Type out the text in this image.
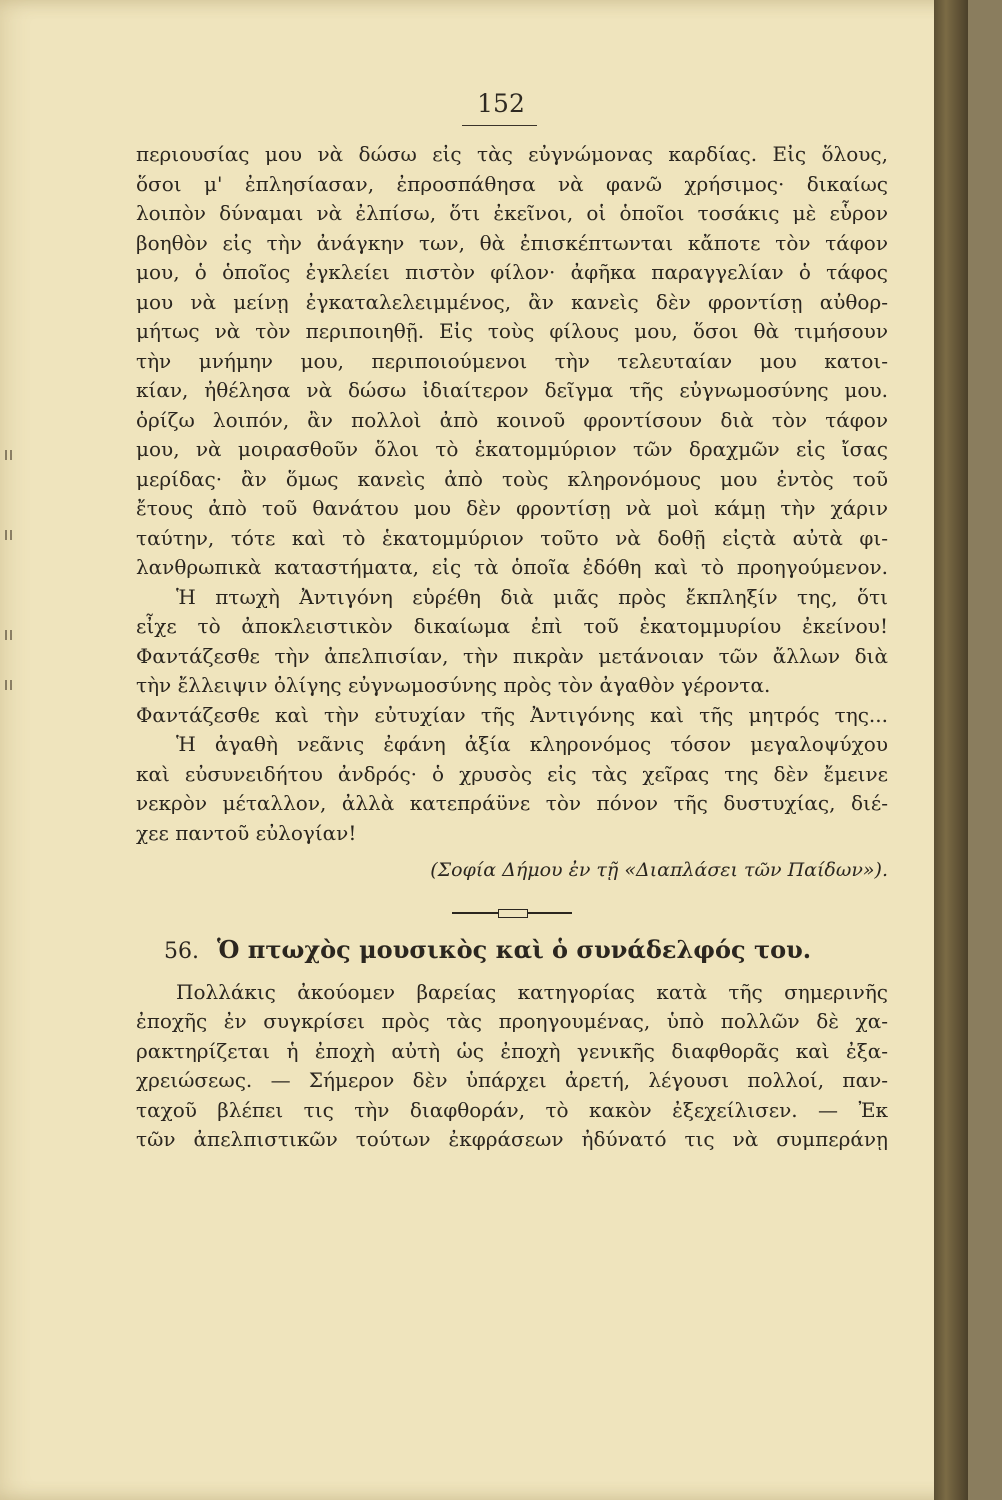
152
περιουσίας μου νὰ δώσω εἰς τὰς εὐγνώμονας καρδίας. Εἰς ὅλους,
ὅσοι μ' ἐπλησίασαν, ἐπροσπάθησα νὰ φανῶ χρήσιμος· δικαίως
λοιπὸν δύναμαι νὰ ἐλπίσω, ὅτι ἐκεῖνοι, οἱ ὁποῖοι τοσάκις μὲ εὗρον
βοηθὸν εἰς τὴν ἀνάγκην των, θὰ ἐπισκέπτωνται κἄποτε τὸν τάφον
μου, ὁ ὁποῖος ἐγκλείει πιστὸν φίλον· ἀφῆκα παραγγελίαν ὁ τάφος
μου νὰ μείνῃ ἐγκαταλελειμμένος, ἂν κανεὶς δὲν φροντίσῃ αὐθορ-
μήτως νὰ τὸν περιποιηθῇ. Εἰς τοὺς φίλους μου, ὅσοι θὰ τιμήσουν
τὴν μνήμην μου, περιποιούμενοι τὴν τελευταίαν μου κατοι-
κίαν, ἠθέλησα νὰ δώσω ἰδιαίτερον δεῖγμα τῆς εὐγνωμοσύνης μου.
ὁρίζω λοιπόν, ἂν πολλοὶ ἀπὸ κοινοῦ φροντίσουν διὰ τὸν τάφον
μου, νὰ μοιρασθοῦν ὅλοι τὸ ἑκατομμύριον τῶν δραχμῶν εἰς ἴσας
μερίδας· ἂν ὅμως κανεὶς ἀπὸ τοὺς κληρονόμους μου ἐντὸς τοῦ
ἔτους ἀπὸ τοῦ θανάτου μου δὲν φροντίσῃ νὰ μοὶ κάμῃ τὴν χάριν
ταύτην, τότε καὶ τὸ ἑκατομμύριον τοῦτο νὰ δοθῇ εἰςτὰ αὐτὰ φι-
λανθρωπικὰ καταστήματα, εἰς τὰ ὁποῖα ἐδόθη καὶ τὸ προηγούμενον.
Ἡ πτωχὴ Ἀντιγόνη εὑρέθη διὰ μιᾶς πρὸς ἔκπληξίν της, ὅτι
εἶχε τὸ ἀποκλειστικὸν δικαίωμα ἐπὶ τοῦ ἑκατομμυρίου ἐκείνου!
Φαντάζεσθε τὴν ἀπελπισίαν, τὴν πικρὰν μετάνοιαν τῶν ἄλλων διὰ
τὴν ἔλλειψιν ὀλίγης εὐγνωμοσύνης πρὸς τὸν ἀγαθὸν γέροντα.
Φαντάζεσθε καὶ τὴν εὐτυχίαν τῆς Ἀντιγόνης καὶ τῆς μητρός της...
Ἡ ἀγαθὴ νεᾶνις ἐφάνη ἀξία κληρονόμος τόσον μεγαλοψύχου
καὶ εὐσυνειδήτου ἀνδρός· ὁ χρυσὸς εἰς τὰς χεῖρας της δὲν ἔμεινε
νεκρὸν μέταλλον, ἀλλὰ κατεπράϋνε τὸν πόνον τῆς δυστυχίας, διέ-
χεε παντοῦ εὐλογίαν!
(Σοφία Δήμου ἐν τῇ «Διαπλάσει τῶν Παίδων»).
56. Ὁ πτωχὸς μουσικὸς καὶ ὁ συνάδελφός του.
Πολλάκις ἀκούομεν βαρείας κατηγορίας κατὰ τῆς σημερινῆς
ἐποχῆς ἐν συγκρίσει πρὸς τὰς προηγουμένας, ὑπὸ πολλῶν δὲ χα-
ρακτηρίζεται ἡ ἐποχὴ αὐτὴ ὡς ἐποχὴ γενικῆς διαφθορᾶς καὶ ἐξα-
χρειώσεως. — Σήμερον δὲν ὑπάρχει ἀρετή, λέγουσι πολλοί, παν-
ταχοῦ βλέπει τις τὴν διαφθοράν, τὸ κακὸν ἐξεχείλισεν. — Ἐκ
τῶν ἀπελπιστικῶν τούτων ἐκφράσεων ἠδύνατό τις νὰ συμπεράνῃ
